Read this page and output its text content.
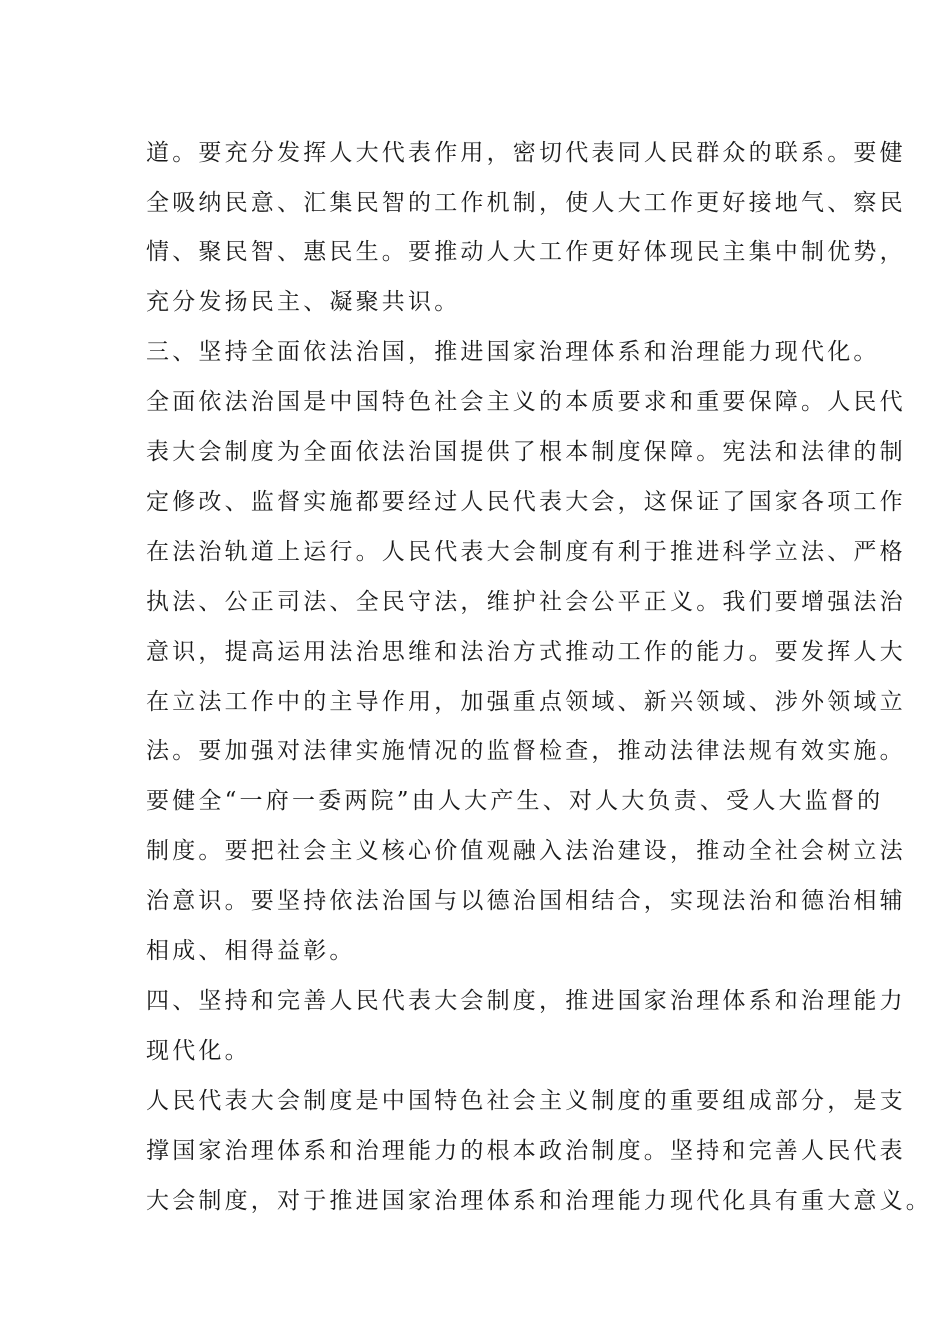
道。要充分发挥人大代表作用，密切代表同人民群众的联系。要健
全吸纳民意、汇集民智的工作机制，使人大工作更好接地气、察民
情、聚民智、惠民生。要推动人大工作更好体现民主集中制优势，
充分发扬民主、凝聚共识。
三、坚持全面依法治国，推进国家治理体系和治理能力现代化。
全面依法治国是中国特色社会主义的本质要求和重要保障。人民代
表大会制度为全面依法治国提供了根本制度保障。宪法和法律的制
定修改、监督实施都要经过人民代表大会，这保证了国家各项工作
在法治轨道上运行。人民代表大会制度有利于推进科学立法、严格
执法、公正司法、全民守法，维护社会公平正义。我们要增强法治
意识，提高运用法治思维和法治方式推动工作的能力。要发挥人大
在立法工作中的主导作用，加强重点领域、新兴领域、涉外领域立
法。要加强对法律实施情况的监督检查，推动法律法规有效实施。
要健全“一府一委两院”由人大产生、对人大负责、受人大监督的
制度。要把社会主义核心价值观融入法治建设，推动全社会树立法
治意识。要坚持依法治国与以德治国相结合，实现法治和德治相辅
相成、相得益彰。
四、坚持和完善人民代表大会制度，推进国家治理体系和治理能力
现代化。
人民代表大会制度是中国特色社会主义制度的重要组成部分，是支
撑国家治理体系和治理能力的根本政治制度。坚持和完善人民代表
大会制度，对于推进国家治理体系和治理能力现代化具有重大意义。
